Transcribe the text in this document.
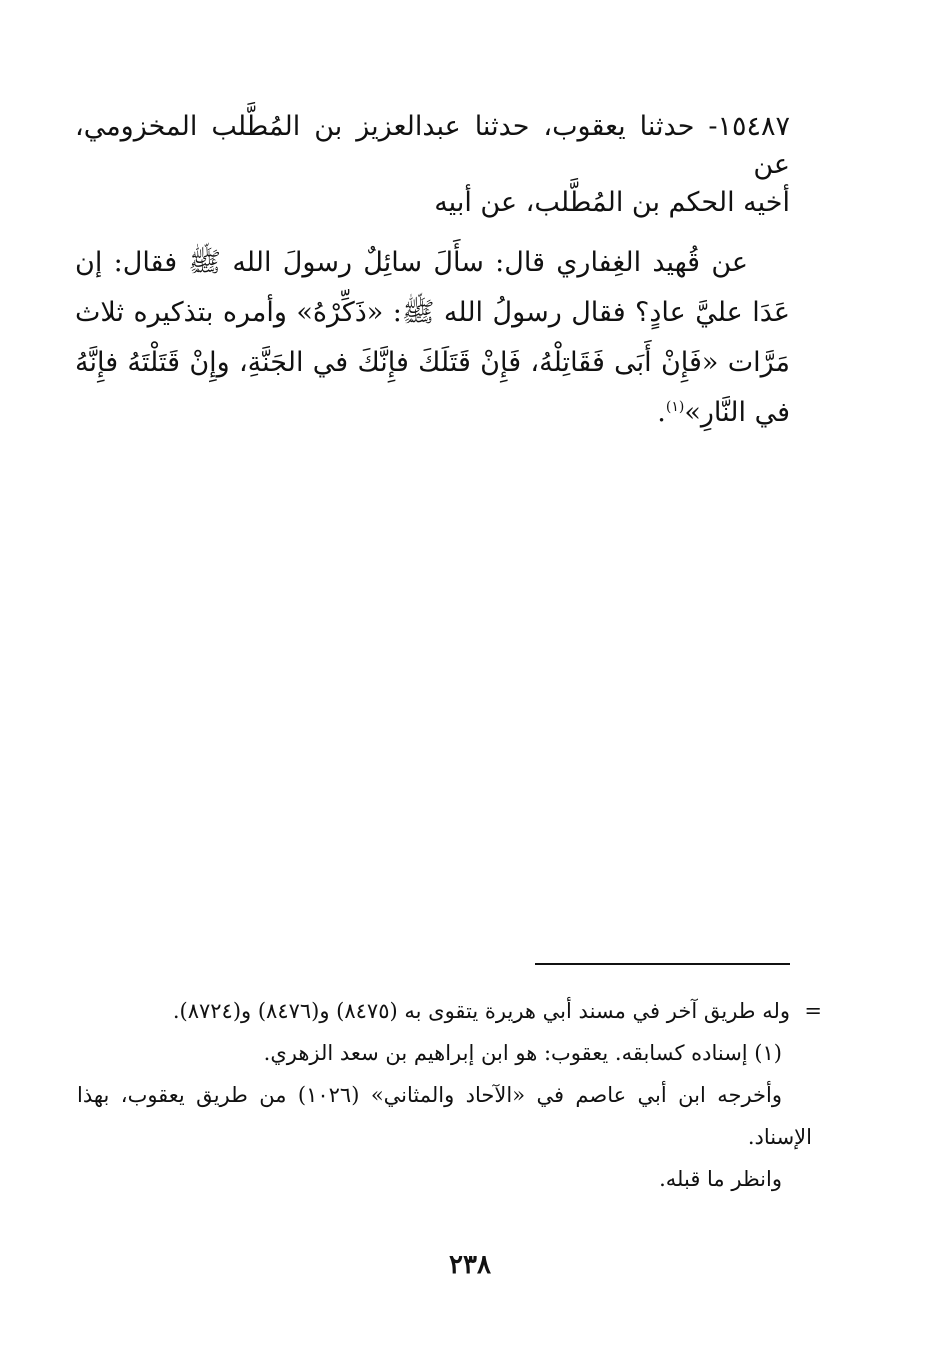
١٥٤٨٧- حدثنا يعقوب، حدثنا عبدالعزيز بن المُطَّلب المخزومي، عن

أخيه الحكم بن المُطَّلب، عن أبيه

عن قُهيد الغِفاري قال: سأَلَ سائِلٌ رسولَ الله ﷺ فقال: إن عَدَا عليَّ عادٍ؟ فقال رسولُ الله ﷺ: «ذَكِّرْهُ» وأمره بتذكيره ثلاث مَرَّات «فَإِنْ أَبَى فَقَاتِلْهُ، فَإِنْ قَتَلَكَ فإِنَّكَ في الجَنَّةِ، وإِنْ قَتَلْتَهُ فإِنَّهُ في النَّارِ»$^{(١)}$.

=
وله طريق آخر في مسند أبي هريرة يتقوى به (٨٤٧٥) و(٨٤٧٦) و(٨٧٢٤).

(١) إسناده كسابقه. يعقوب: هو ابن إبراهيم بن سعد الزهري.

وأخرجه ابن أبي عاصم في «الآحاد والمثاني» (١٠٢٦) من طريق يعقوب، بهذا الإسناد.

وانظر ما قبله.

٢٣٨
